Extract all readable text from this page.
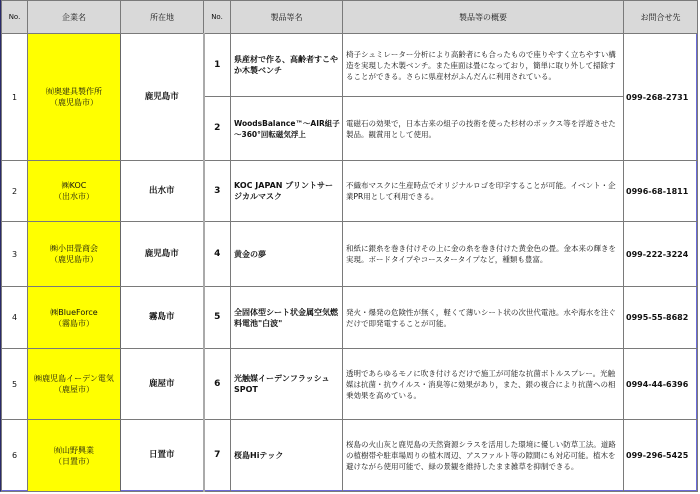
No.	企業名	所在地	No.	製品等名	製品等の概要	お問合せ先
1	㈲奥建具製作所
（鹿児島市）	鹿児島市	1	県産材で作る、高齢者すこやか木製ベンチ	椅子シュミレーター分析により高齢者にも合ったもので座りやすく立ちやすい構造を実現した木製ベンチ。また座面は畳になっており，簡単に取り外して掃除することができる。さらに県産材がふんだんに利用されている。	099-268-2731
			2	WoodsBalance™～AIR組子～360°回転磁気浮上	電磁石の効果で，日本古来の組子の技術を使った杉材のボックス等を浮遊させた製品。観賞用として使用。	
2	㈱KOC
（出水市）	出水市	3	KOC JAPAN プリントサージカルマスク	不織布マスクに生産時点でオリジナルロゴを印字することが可能。イベント・企業PR用として利用できる。	0996-68-1811
3	㈱小田畳商会
（鹿児島市）	鹿児島市	4	黄金の夢	和紙に銀糸を巻き付けその上に金の糸を巻き付けた黄金色の畳。金本来の輝きを実現。ボードタイプやコースタータイプなど，種類も豊富。	099-222-3224
4	㈱BlueForce
（霧島市）	霧島市	5	全固体型シート状金属空気燃料電池"白波"	発火・爆発の危険性が無く，軽くて薄いシート状の次世代電池。水や海水を注ぐだけで即発電することが可能。	0995-55-8682
5	㈱鹿児島イーデン電気
（鹿屋市）	鹿屋市	6	光触媒イーデンフラッシュSPOT	透明であらゆるモノに吹き付けるだけで施工が可能な抗菌ボトルスプレー。光触媒は抗菌・抗ウイルス・消臭等に効果があり，また、銀の複合により抗菌への相乗効果を高めている。	0994-44-6396
6	㈲山野興業
（日置市）	日置市	7	桜島Hiテック	桜島の火山灰と鹿児島の天然資源シラスを活用した環境に優しい防草工法。道路の植樹帯や駐車場周りの植木周辺、アスファルト等の隙間にも対応可能。植木を避けながら使用可能で、緑の景観を維持したまま雑草を抑制できる。	099-296-5425
